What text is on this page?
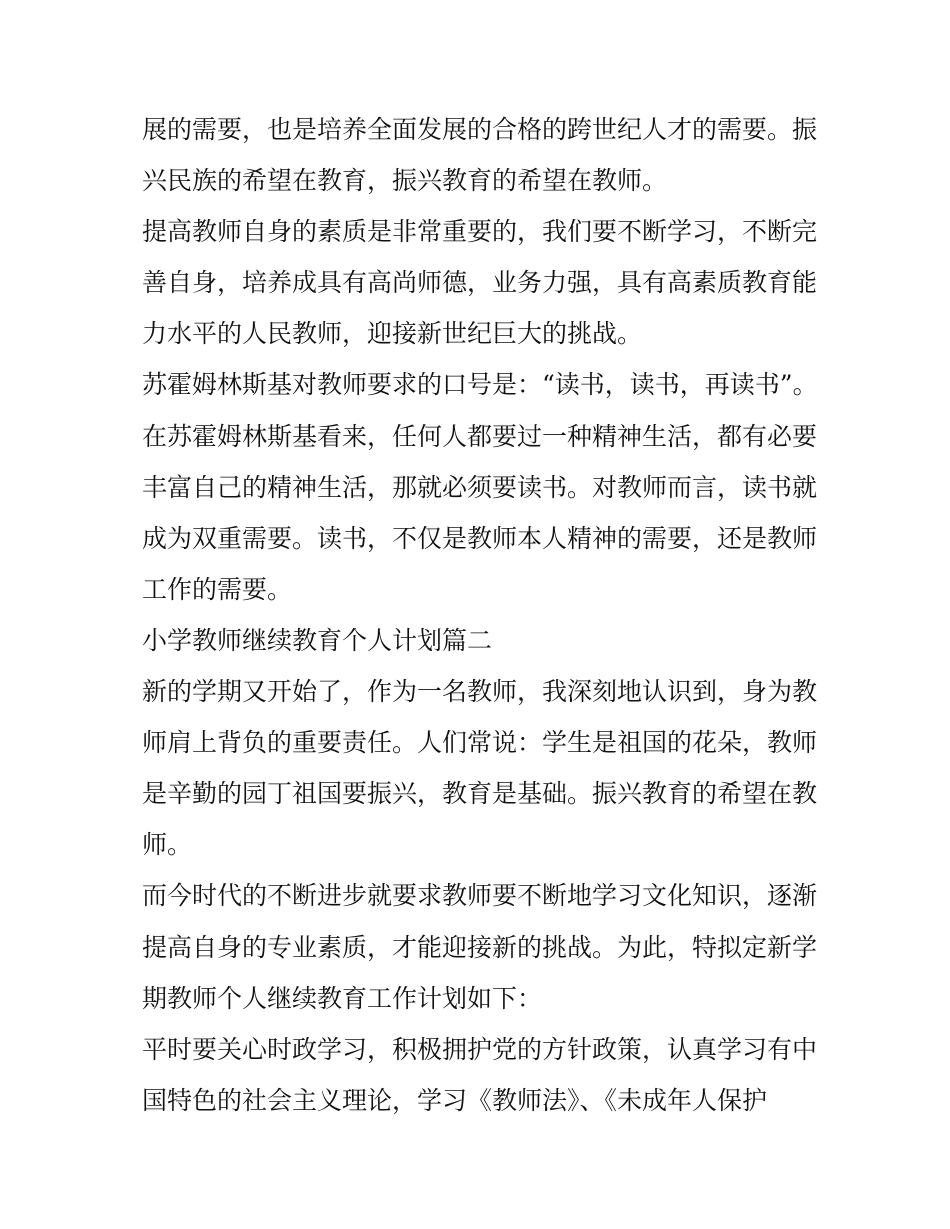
展的需要，也是培养全面发展的合格的跨世纪人才的需要。振
兴民族的希望在教育，振兴教育的希望在教师。
提高教师自身的素质是非常重要的，我们要不断学习，不断完
善自身，培养成具有高尚师德，业务力强，具有高素质教育能
力水平的人民教师，迎接新世纪巨大的挑战。
苏霍姆林斯基对教师要求的口号是：“读书，读书，再读书”。
在苏霍姆林斯基看来，任何人都要过一种精神生活，都有必要
丰富自己的精神生活，那就必须要读书。对教师而言，读书就
成为双重需要。读书，不仅是教师本人精神的需要，还是教师
工作的需要。
小学教师继续教育个人计划篇二
新的学期又开始了，作为一名教师，我深刻地认识到，身为教
师肩上背负的重要责任。人们常说：学生是祖国的花朵，教师
是辛勤的园丁祖国要振兴，教育是基础。振兴教育的希望在教
师。
而今时代的不断进步就要求教师要不断地学习文化知识，逐渐
提高自身的专业素质，才能迎接新的挑战。为此，特拟定新学
期教师个人继续教育工作计划如下：
平时要关心时政学习，积极拥护党的方针政策，认真学习有中
国特色的社会主义理论，学习《教师法》、《未成年人保护
